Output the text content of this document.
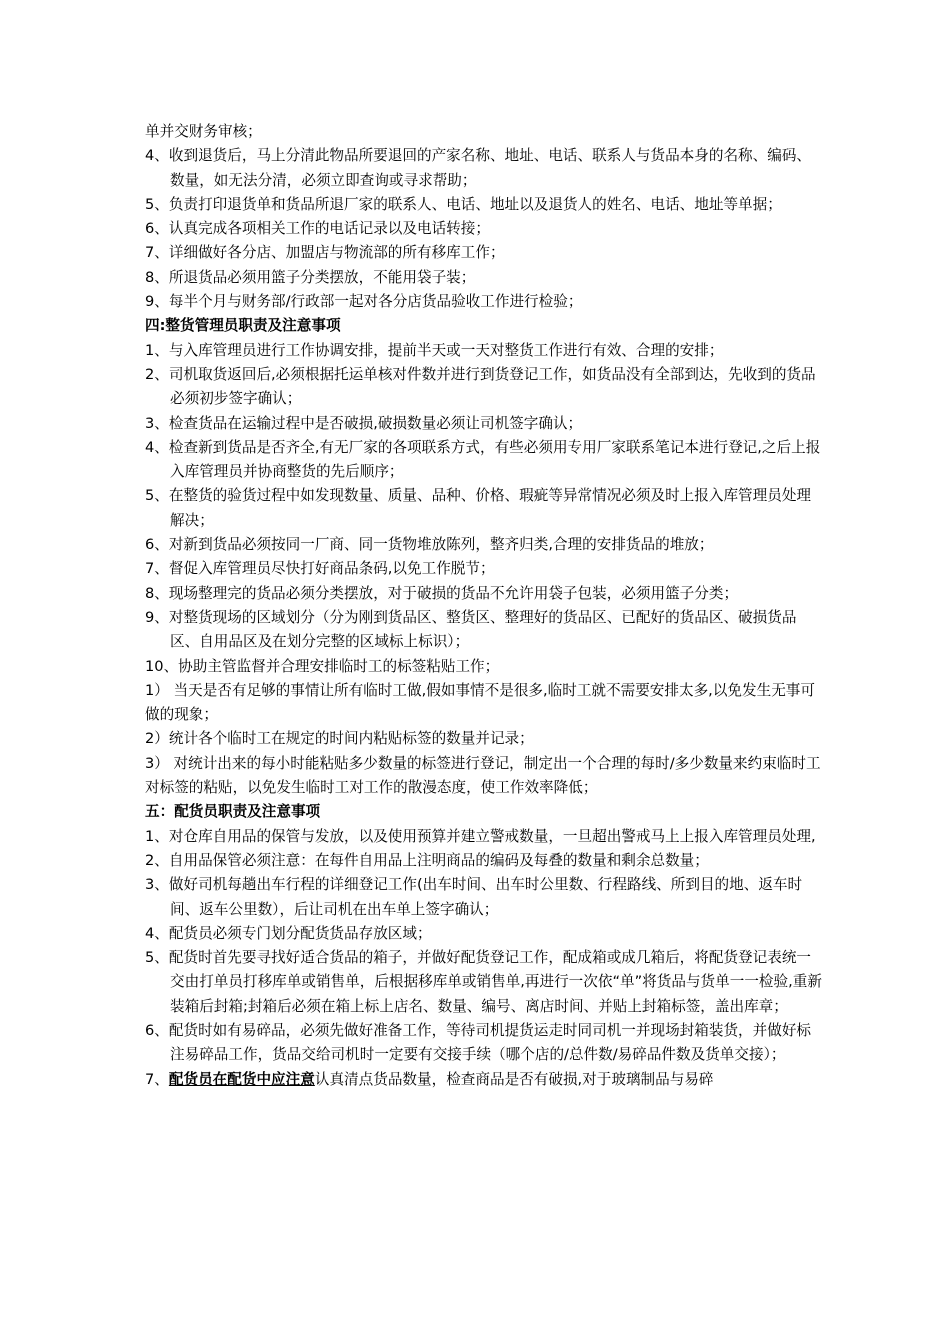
单并交财务审核；

4、收到退货后，马上分清此物品所要退回的产家名称、地址、电话、联系人与货品本身的名称、编码、数量，如无法分清，必须立即查询或寻求帮助；

5、负责打印退货单和货品所退厂家的联系人、电话、地址以及退货人的姓名、电话、地址等单据；

6、认真完成各项相关工作的电话记录以及电话转接；

7、详细做好各分店、加盟店与物流部的所有移库工作；

8、所退货品必须用篮子分类摆放，不能用袋子装；

9、每半个月与财务部/行政部一起对各分店货品验收工作进行检验；

四:整货管理员职责及注意事项

1、与入库管理员进行工作协调安排，提前半天或一天对整货工作进行有效、合理的安排；

2、司机取货返回后,必须根据托运单核对件数并进行到货登记工作，如货品没有全部到达，先收到的货品必须初步签字确认；

3、检查货品在运输过程中是否破损,破损数量必须让司机签字确认；

4、检查新到货品是否齐全,有无厂家的各项联系方式，有些必须用专用厂家联系笔记本进行登记,之后上报入库管理员并协商整货的先后顺序；

5、在整货的验货过程中如发现数量、质量、品种、价格、瑕疵等异常情况必须及时上报入库管理员处理解决；

6、对新到货品必须按同一厂商、同一货物堆放陈列，整齐归类,合理的安排货品的堆放；

7、督促入库管理员尽快打好商品条码,以免工作脱节；

8、现场整理完的货品必须分类摆放，对于破损的货品不允许用袋子包装，必须用篮子分类；

9、对整货现场的区域划分（分为刚到货品区、整货区、整理好的货品区、已配好的货品区、破损货品区、自用品区及在划分完整的区域标上标识）；

10、协助主管监督并合理安排临时工的标签粘贴工作；

1） 当天是否有足够的事情让所有临时工做,假如事情不是很多,临时工就不需要安排太多,以免发生无事可做的现象；

2）统计各个临时工在规定的时间内粘贴标签的数量并记录；

3） 对统计出来的每小时能粘贴多少数量的标签进行登记，制定出一个合理的每时/多少数量来约束临时工对标签的粘贴，以免发生临时工对工作的散漫态度，使工作效率降低；

五：配货员职责及注意事项

1、对仓库自用品的保管与发放，以及使用预算并建立警戒数量，一旦超出警戒马上上报入库管理员处理,

2、自用品保管必须注意：在每件自用品上注明商品的编码及每叠的数量和剩余总数量；

3、做好司机每趟出车行程的详细登记工作(出车时间、出车时公里数、行程路线、所到目的地、返车时间、返车公里数），后让司机在出车单上签字确认；

4、配货员必须专门划分配货货品存放区域；

5、配货时首先要寻找好适合货品的箱子，并做好配货登记工作，配成箱或成几箱后，将配货登记表统一交由打单员打移库单或销售单，后根据移库单或销售单,再进行一次依“单”将货品与货单一一检验,重新装箱后封箱;封箱后必须在箱上标上店名、数量、编号、离店时间、并贴上封箱标签，盖出库章；

6、配货时如有易碎品，必须先做好准备工作，等待司机提货运走时同司机一并现场封箱装货，并做好标注易碎品工作，货品交给司机时一定要有交接手续（哪个店的/总件数/易碎品件数及货单交接）；

7、配货员在配货中应注意认真清点货品数量，检查商品是否有破损,对于玻璃制品与易碎
